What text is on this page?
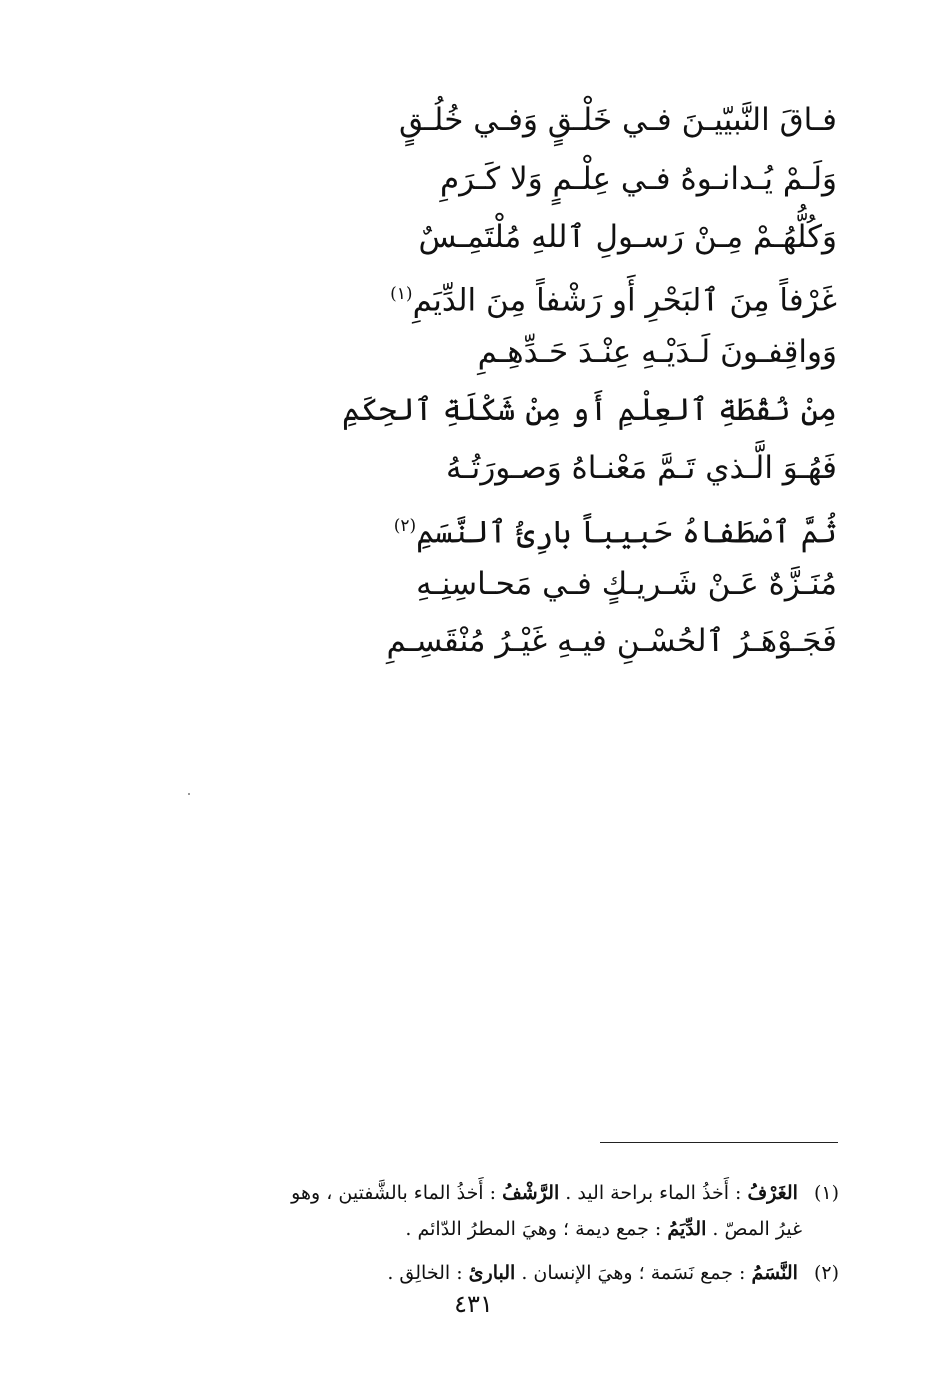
فـاقَ النَّبيّيـنَ فـي خَلْـقٍ وَفـي خُلُـقٍ
وَلَـمْ يُـدانـوهُ فـي عِلْـمٍ وَلا كَـرَمِ
وَكُلُّهُـمْ مِـنْ رَسـولِ ٱللهِ مُلْتَمِـسٌ
غَرْفاً مِنَ ٱلبَحْرِ أَو رَشْفاً مِنَ الدِّيَمِ$^{(١)}$
وَواقِفـونَ لَـدَيْـهِ عِنْـدَ حَـدِّهِـمِ
مِنْ نُقْطَةِ ٱلعِلْمِ أَو مِنْ شَكْلَةِ ٱلحِكَمِ
فَهُـوَ الَّـذي تَـمَّ مَعْنـاهُ وَصـورَتُـهُ
ثُمَّ ٱصْطَفاهُ حَبيباً بارِئُ ٱلنَّسَمِ$^{(٢)}$
مُنَـزَّهٌ عَـنْ شَـريـكٍ فـي مَحـاسِنِـهِ
فَجَـوْهَـرُ ٱلحُسْـنِ فيـهِ غَيْـرُ مُنْقَسِـمِ
(١) الغَرْفُ : أَخذُ الماء براحة اليد . الرَّشْفُ : أَخذُ الماء بالشَّفتين ، وهو
غيرُ المصّ . الدِّيَمُ : جمع ديمة ؛ وهيَ المطرُ الدّائم .
(٢) النَّسَمُ : جمع نَسَمة ؛ وهيَ الإنسان . البارئ : الخالِق .
٤٣١
